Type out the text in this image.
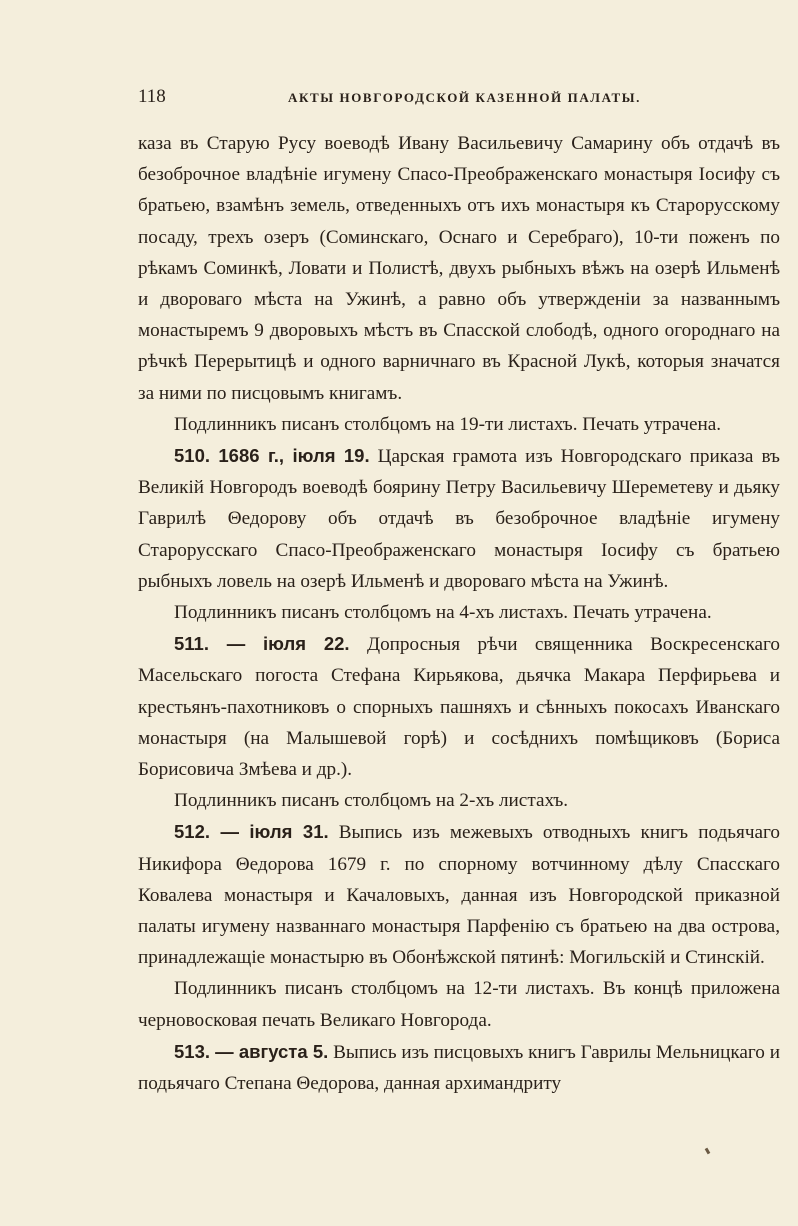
118	АКТЫ НОВГОРОДСКОЙ КАЗЕННОЙ ПАЛАТЫ.

каза въ Старую Русу воеводѣ Ивану Васильевичу Самарину объ отдачѣ въ безоброчное владѣніе игумену Спасо-Преображенскаго монастыря Іосифу съ братьею, взамѣнъ земель, отведенныхъ отъ ихъ монастыря къ Старорусскому посаду, трехъ озеръ (Соминскаго, Оснаго и Серебраго), 10-ти поженъ по рѣкамъ Соминкѣ, Ловати и Полистѣ, двухъ рыбныхъ вѣжъ на озерѣ Ильменѣ и двороваго мѣста на Ужинѣ, а равно объ утвержденіи за названнымъ монастыремъ 9 дворовыхъ мѣстъ въ Спасской слободѣ, одного огороднаго на рѣчкѣ Перерытицѣ и одного варничнаго въ Красной Лукѣ, которыя значатся за ними по писцовымъ книгамъ.

Подлинникъ писанъ столбцомъ на 19-ти листахъ. Печать утрачена.

510. 1686 г., іюля 19. Царская грамота изъ Новгородскаго приказа въ Великій Новгородъ воеводѣ боярину Петру Васильевичу Шереметеву и дьяку Гаврилѣ Θедорову объ отдачѣ въ безоброчное владѣніе игумену Старорусскаго Спасо-Преображенскаго монастыря Іосифу съ братьею рыбныхъ ловель на озерѣ Ильменѣ и двороваго мѣста на Ужинѣ.

Подлинникъ писанъ столбцомъ на 4-хъ листахъ. Печать утрачена.

511. — іюля 22. Допросныя рѣчи священника Воскресенскаго Масельскаго погоста Стефана Кирьякова, дьячка Макара Перфирьева и крестьянъ-пахотниковъ о спорныхъ пашняхъ и сѣнныхъ покосахъ Иванскаго монастыря (на Малышевой горѣ) и сосѣднихъ помѣщиковъ (Бориса Борисовича Змѣева и др.).

Подлинникъ писанъ столбцомъ на 2-хъ листахъ.

512. — іюля 31. Выпись изъ межевыхъ отводныхъ книгъ подьячаго Никифора Θедорова 1679 г. по спорному вотчинному дѣлу Спасскаго Ковалева монастыря и Качаловыхъ, данная изъ Новгородской приказной палаты игумену названнаго монастыря Парфенію съ братьею на два острова, принадлежащіе монастырю въ Обонѣжской пятинѣ: Могильскій и Стинскій.

Подлинникъ писанъ столбцомъ на 12-ти листахъ. Въ концѣ приложена черновосковая печать Великаго Новгорода.

513. — августа 5. Выпись изъ писцовыхъ книгъ Гаврилы Мельницкаго и подьячаго Степана Θедорова, данная архимандриту
